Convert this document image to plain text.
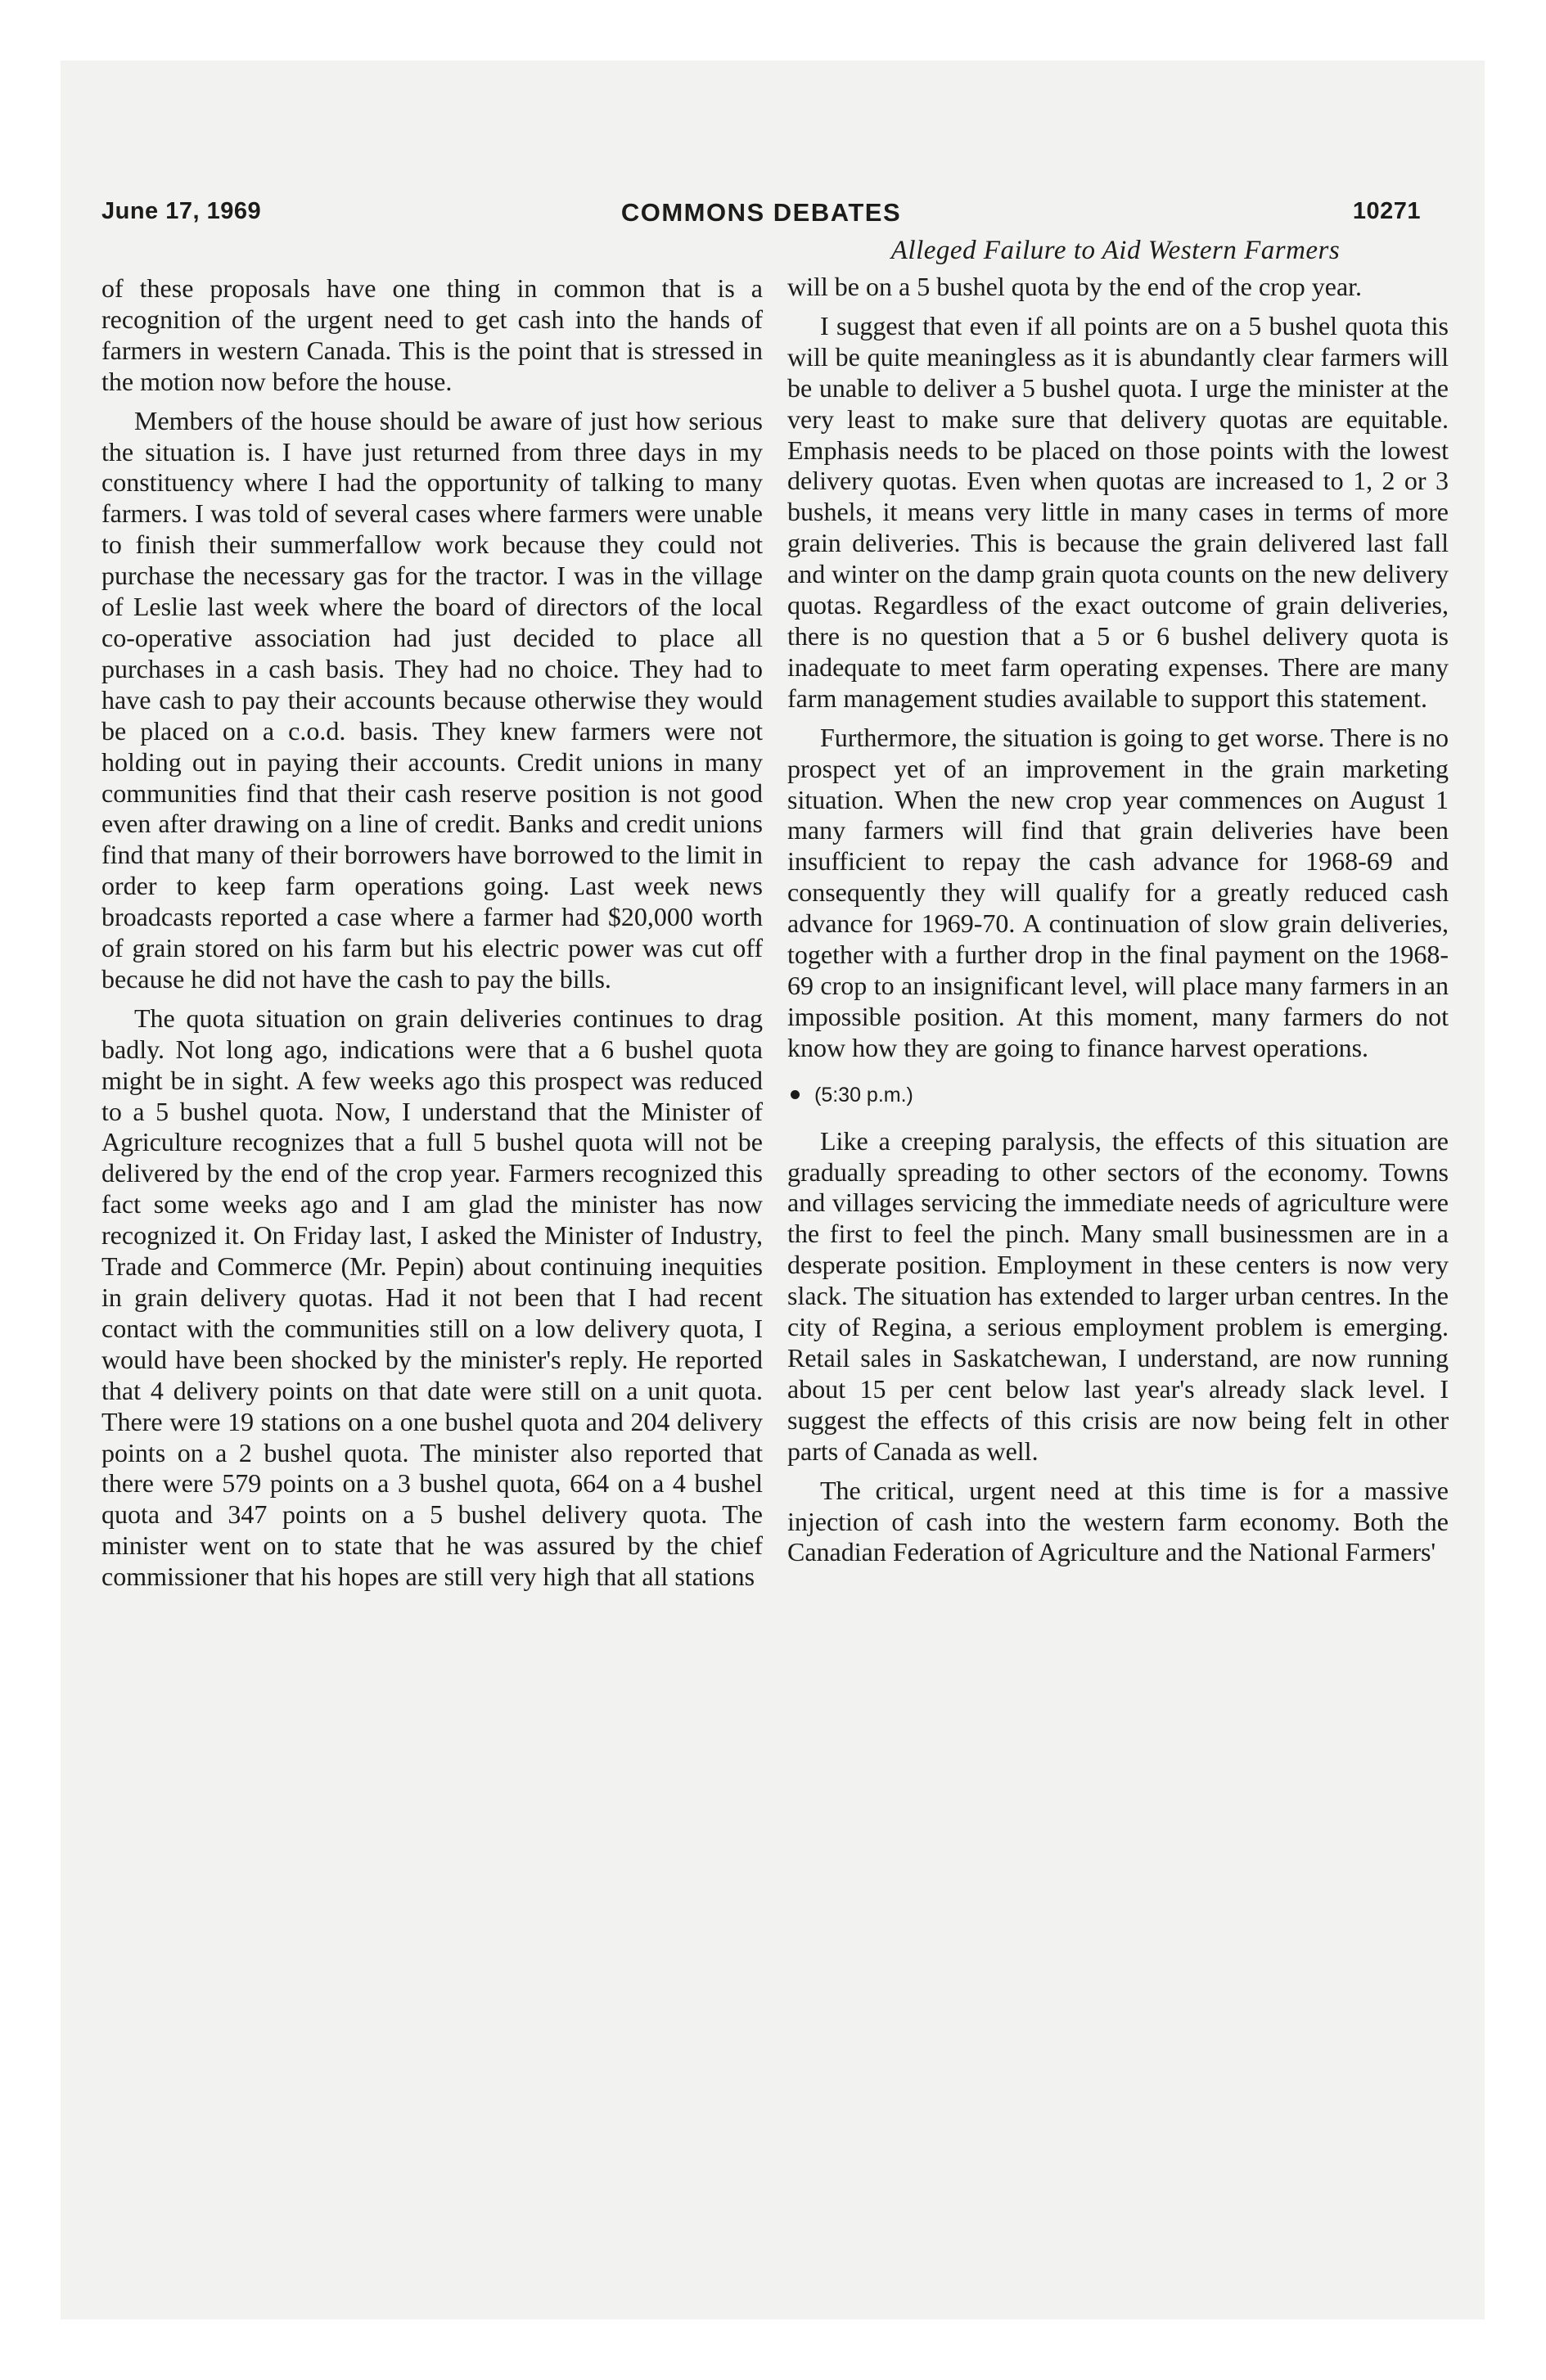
June 17, 1969	COMMONS DEBATES	10271
Alleged Failure to Aid Western Farmers

of these proposals have one thing in common that is a recognition of the urgent need to get cash into the hands of farmers in western Canada. This is the point that is stressed in the motion now before the house.

Members of the house should be aware of just how serious the situation is. I have just returned from three days in my constituency where I had the opportunity of talking to many farmers. I was told of several cases where farmers were unable to finish their summerfallow work because they could not purchase the necessary gas for the tractor. I was in the village of Leslie last week where the board of directors of the local co-operative association had just decided to place all purchases in a cash basis. They had no choice. They had to have cash to pay their accounts because otherwise they would be placed on a c.o.d. basis. They knew farmers were not holding out in paying their accounts. Credit unions in many communities find that their cash reserve position is not good even after drawing on a line of credit. Banks and credit unions find that many of their borrowers have borrowed to the limit in order to keep farm operations going. Last week news broadcasts reported a case where a farmer had $20,000 worth of grain stored on his farm but his electric power was cut off because he did not have the cash to pay the bills.

The quota situation on grain deliveries continues to drag badly. Not long ago, indications were that a 6 bushel quota might be in sight. A few weeks ago this prospect was reduced to a 5 bushel quota. Now, I understand that the Minister of Agriculture recognizes that a full 5 bushel quota will not be delivered by the end of the crop year. Farmers recognized this fact some weeks ago and I am glad the minister has now recognized it. On Friday last, I asked the Minister of Industry, Trade and Commerce (Mr. Pepin) about continuing inequities in grain delivery quotas. Had it not been that I had recent contact with the communities still on a low delivery quota, I would have been shocked by the minister's reply. He reported that 4 delivery points on that date were still on a unit quota. There were 19 stations on a one bushel quota and 204 delivery points on a 2 bushel quota. The minister also reported that there were 579 points on a 3 bushel quota, 664 on a 4 bushel quota and 347 points on a 5 bushel delivery quota. The minister went on to state that he was assured by the chief commissioner that his hopes are still very high that all stations

will be on a 5 bushel quota by the end of the crop year.

I suggest that even if all points are on a 5 bushel quota this will be quite meaningless as it is abundantly clear farmers will be unable to deliver a 5 bushel quota. I urge the minister at the very least to make sure that delivery quotas are equitable. Emphasis needs to be placed on those points with the lowest delivery quotas. Even when quotas are increased to 1, 2 or 3 bushels, it means very little in many cases in terms of more grain deliveries. This is because the grain delivered last fall and winter on the damp grain quota counts on the new delivery quotas. Regardless of the exact outcome of grain deliveries, there is no question that a 5 or 6 bushel delivery quota is inadequate to meet farm operating expenses. There are many farm management studies available to support this statement.

Furthermore, the situation is going to get worse. There is no prospect yet of an improvement in the grain marketing situation. When the new crop year commences on August 1 many farmers will find that grain deliveries have been insufficient to repay the cash advance for 1968-69 and consequently they will qualify for a greatly reduced cash advance for 1969-70. A continuation of slow grain deliveries, together with a further drop in the final payment on the 1968-69 crop to an insignificant level, will place many farmers in an impossible position. At this moment, many farmers do not know how they are going to finance harvest operations.

(5:30 p.m.)

Like a creeping paralysis, the effects of this situation are gradually spreading to other sectors of the economy. Towns and villages servicing the immediate needs of agriculture were the first to feel the pinch. Many small businessmen are in a desperate position. Employment in these centers is now very slack. The situation has extended to larger urban centres. In the city of Regina, a serious employment problem is emerging. Retail sales in Saskatchewan, I understand, are now running about 15 per cent below last year's already slack level. I suggest the effects of this crisis are now being felt in other parts of Canada as well.

The critical, urgent need at this time is for a massive injection of cash into the western farm economy. Both the Canadian Federation of Agriculture and the National Farmers'
